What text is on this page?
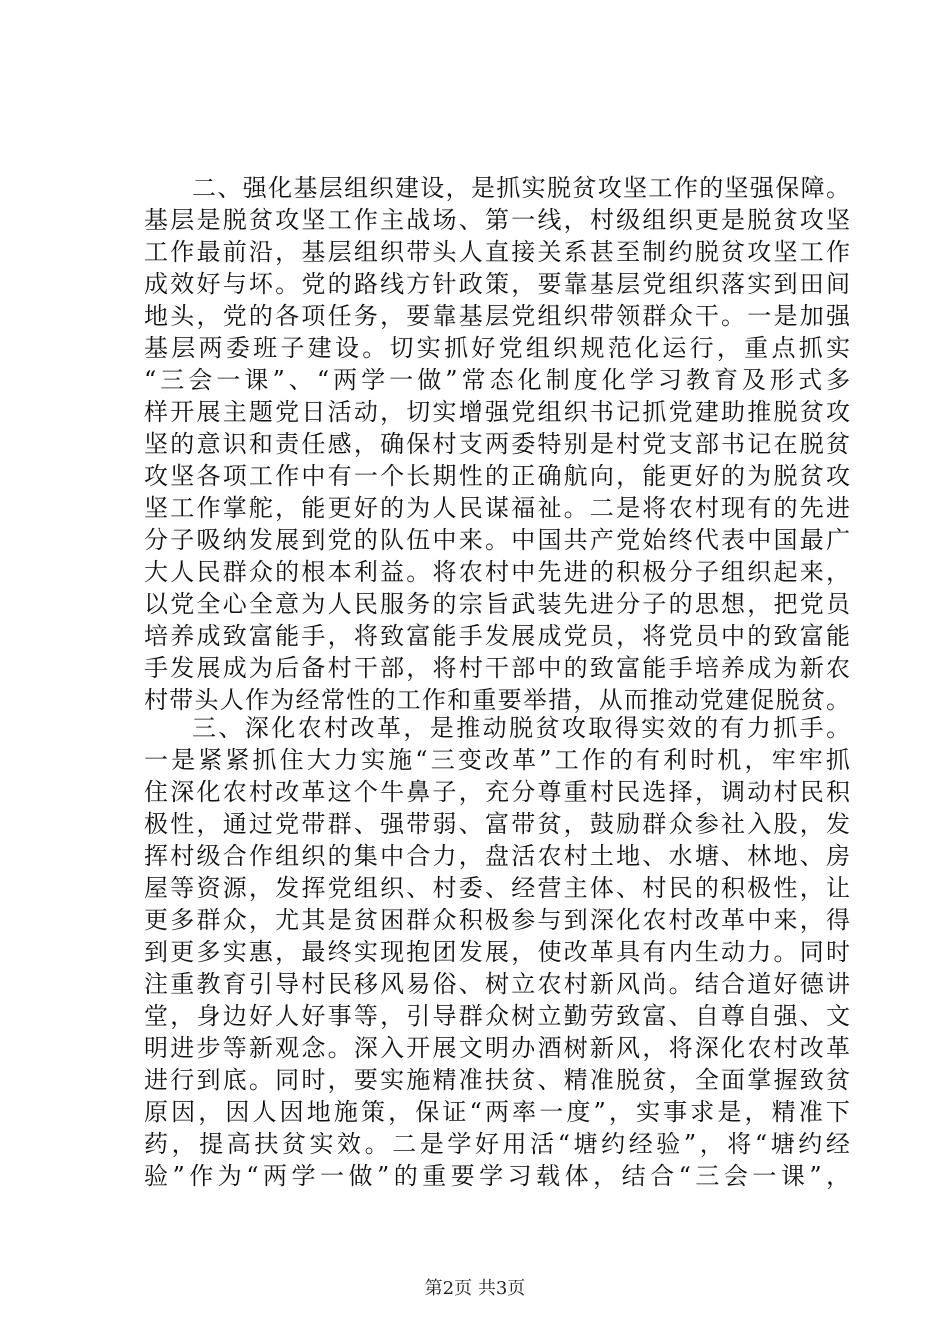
二、强化基层组织建设，是抓实脱贫攻坚工作的坚强保障。
基层是脱贫攻坚工作主战场、第一线，村级组织更是脱贫攻坚
工作最前沿，基层组织带头人直接关系甚至制约脱贫攻坚工作
成效好与坏。党的路线方针政策，要靠基层党组织落实到田间
地头，党的各项任务，要靠基层党组织带领群众干。一是加强
基层两委班子建设。切实抓好党组织规范化运行，重点抓实
“三会一课”、“两学一做”常态化制度化学习教育及形式多
样开展主题党日活动，切实增强党组织书记抓党建助推脱贫攻
坚的意识和责任感，确保村支两委特别是村党支部书记在脱贫
攻坚各项工作中有一个长期性的正确航向，能更好的为脱贫攻
坚工作掌舵，能更好的为人民谋福祉。二是将农村现有的先进
分子吸纳发展到党的队伍中来。中国共产党始终代表中国最广
大人民群众的根本利益。将农村中先进的积极分子组织起来，
以党全心全意为人民服务的宗旨武装先进分子的思想，把党员
培养成致富能手，将致富能手发展成党员，将党员中的致富能
手发展成为后备村干部，将村干部中的致富能手培养成为新农
村带头人作为经常性的工作和重要举措，从而推动党建促脱贫。
三、深化农村改革，是推动脱贫攻取得实效的有力抓手。
一是紧紧抓住大力实施“三变改革”工作的有利时机，牢牢抓
住深化农村改革这个牛鼻子，充分尊重村民选择，调动村民积
极性，通过党带群、强带弱、富带贫，鼓励群众参社入股，发
挥村级合作组织的集中合力，盘活农村土地、水塘、林地、房
屋等资源，发挥党组织、村委、经营主体、村民的积极性，让
更多群众，尤其是贫困群众积极参与到深化农村改革中来，得
到更多实惠，最终实现抱团发展，使改革具有内生动力。同时
注重教育引导村民移风易俗、树立农村新风尚。结合道好德讲
堂，身边好人好事等，引导群众树立勤劳致富、自尊自强、文
明进步等新观念。深入开展文明办酒树新风，将深化农村改革
进行到底。同时，要实施精准扶贫、精准脱贫，全面掌握致贫
原因，因人因地施策，保证“两率一度”，实事求是，精准下
药，提高扶贫实效。二是学好用活“塘约经验”，将“塘约经
验”作为“两学一做”的重要学习载体，结合“三会一课”，
第2页 共3页
